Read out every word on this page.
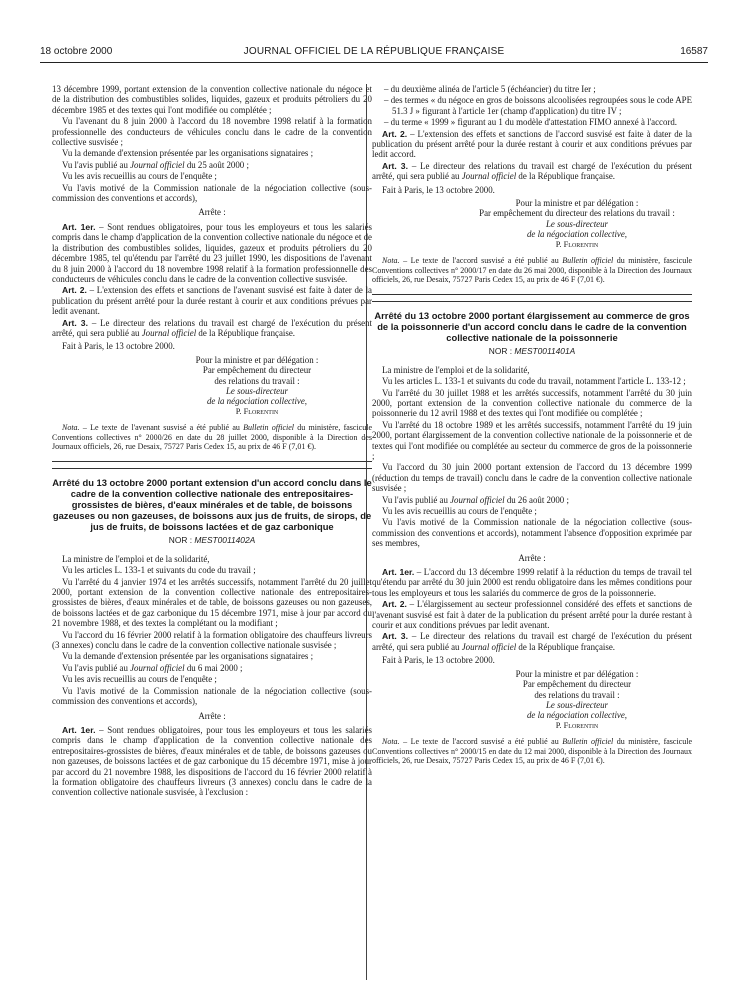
18 octobre 2000	JOURNAL OFFICIEL DE LA RÉPUBLIQUE FRANÇAISE	16587

13 décembre 1999, portant extension de la convention collective nationale du négoce et de la distribution des combustibles solides, liquides, gazeux et produits pétroliers du 20 décembre 1985 et des textes qui l'ont modifiée ou complétée ;

Vu l'avenant du 8 juin 2000 à l'accord du 18 novembre 1998 relatif à la formation professionnelle des conducteurs de véhicules conclu dans le cadre de la convention collective susvisée ;

Vu la demande d'extension présentée par les organisations signataires ;

Vu l'avis publié au Journal officiel du 25 août 2000 ;

Vu les avis recueillis au cours de l'enquête ;

Vu l'avis motivé de la Commission nationale de la négociation collective (sous-commission des conventions et accords),

Arrête :

Art. 1er. – Sont rendues obligatoires, pour tous les employeurs et tous les salariés compris dans le champ d'application de la convention collective nationale du négoce et de la distribution des combustibles solides, liquides, gazeux et produits pétroliers du 20 décembre 1985, tel qu'étendu par l'arrêté du 23 juillet 1990, les dispositions de l'avenant du 8 juin 2000 à l'accord du 18 novembre 1998 relatif à la formation professionnelle des conducteurs de véhicules conclu dans le cadre de la convention collective susvisée.

Art. 2. – L'extension des effets et sanctions de l'avenant susvisé est faite à dater de la publication du présent arrêté pour la durée restant à courir et aux conditions prévues par ledit avenant.

Art. 3. – Le directeur des relations du travail est chargé de l'exécution du présent arrêté, qui sera publié au Journal officiel de la République française.

Fait à Paris, le 13 octobre 2000.

Pour la ministre et par délégation :
Par empêchement du directeur
des relations du travail :
Le sous-directeur
de la négociation collective,
P. Florentin

Nota. – Le texte de l'avenant susvisé a été publié au Bulletin officiel du ministère, fascicule Conventions collectives n° 2000/26 en date du 28 juillet 2000, disponible à la Direction des Journaux officiels, 26, rue Desaix, 75727 Paris Cedex 15, au prix de 46 F (7,01 €).

Arrêté du 13 octobre 2000 portant extension d'un accord conclu dans le cadre de la convention collective nationale des entrepositaires-grossistes de bières, d'eaux minérales et de table, de boissons gazeuses ou non gazeuses, de boissons aux jus de fruits, de sirops, de jus de fruits, de boissons lactées et de gaz carbonique

NOR : MEST0011402A

La ministre de l'emploi et de la solidarité,

Vu les articles L. 133-1 et suivants du code du travail ;

Vu l'arrêté du 4 janvier 1974 et les arrêtés successifs, notamment l'arrêté du 20 juillet 2000, portant extension de la convention collective nationale des entrepositaires-grossistes de bières, d'eaux minérales et de table, de boissons gazeuses ou non gazeuses, de boissons lactées et de gaz carbonique du 15 décembre 1971, mise à jour par accord du 21 novembre 1988, et des textes la complétant ou la modifiant ;

Vu l'accord du 16 février 2000 relatif à la formation obligatoire des chauffeurs livreurs (3 annexes) conclu dans le cadre de la convention collective nationale susvisée ;

Vu la demande d'extension présentée par les organisations signataires ;

Vu l'avis publié au Journal officiel du 6 mai 2000 ;

Vu les avis recueillis au cours de l'enquête ;

Vu l'avis motivé de la Commission nationale de la négociation collective (sous-commission des conventions et accords),

Arrête :

Art. 1er. – Sont rendues obligatoires, pour tous les employeurs et tous les salariés compris dans le champ d'application de la convention collective nationale des entrepositaires-grossistes de bières, d'eaux minérales et de table, de boissons gazeuses ou non gazeuses, de boissons lactées et de gaz carbonique du 15 décembre 1971, mise à jour par accord du 21 novembre 1988, les dispositions de l'accord du 16 février 2000 relatif à la formation obligatoire des chauffeurs livreurs (3 annexes) conclu dans le cadre de la convention collective nationale susvisée, à l'exclusion :

– du deuxième alinéa de l'article 5 (échéancier) du titre Ier ;

– des termes « du négoce en gros de boissons alcoolisées regroupées sous le code APE 51.3 J » figurant à l'article 1er (champ d'application) du titre IV ;

– du terme « 1999 » figurant au 1 du modèle d'attestation FIMO annexé à l'accord.

Art. 2. – L'extension des effets et sanctions de l'accord susvisé est faite à dater de la publication du présent arrêté pour la durée restant à courir et aux conditions prévues par ledit accord.

Art. 3. – Le directeur des relations du travail est chargé de l'exécution du présent arrêté, qui sera publié au Journal officiel de la République française.

Fait à Paris, le 13 octobre 2000.

Pour la ministre et par délégation :
Par empêchement du directeur des relations du travail :
Le sous-directeur
de la négociation collective,
P. Florentin

Nota. – Le texte de l'accord susvisé a été publié au Bulletin officiel du ministère, fascicule Conventions collectives n° 2000/17 en date du 26 mai 2000, disponible à la Direction des Journaux officiels, 26, rue Desaix, 75727 Paris Cedex 15, au prix de 46 F (7,01 €).

Arrêté du 13 octobre 2000 portant élargissement au commerce de gros de la poissonnerie d'un accord conclu dans le cadre de la convention collective nationale de la poissonnerie

NOR : MEST0011401A

La ministre de l'emploi et de la solidarité,

Vu les articles L. 133-1 et suivants du code du travail, notamment l'article L. 133-12 ;

Vu l'arrêté du 30 juillet 1988 et les arrêtés successifs, notamment l'arrêté du 30 juin 2000, portant extension de la convention collective nationale du commerce de la poissonnerie du 12 avril 1988 et des textes qui l'ont modifiée ou complétée ;

Vu l'arrêté du 18 octobre 1989 et les arrêtés successifs, notamment l'arrêté du 19 juin 2000, portant élargissement de la convention collective nationale de la poissonnerie et de textes qui l'ont modifiée ou complétée au secteur du commerce de gros de la poissonnerie ;

Vu l'accord du 30 juin 2000 portant extension de l'accord du 13 décembre 1999 (réduction du temps de travail) conclu dans le cadre de la convention collective nationale susvisée ;

Vu l'avis publié au Journal officiel du 26 août 2000 ;

Vu les avis recueillis au cours de l'enquête ;

Vu l'avis motivé de la Commission nationale de la négociation collective (sous-commission des conventions et accords), notamment l'absence d'opposition exprimée par ses membres,

Arrête :

Art. 1er. – L'accord du 13 décembre 1999 relatif à la réduction du temps de travail tel qu'étendu par arrêté du 30 juin 2000 est rendu obligatoire dans les mêmes conditions pour tous les employeurs et tous les salariés du commerce de gros de la poissonnerie.

Art. 2. – L'élargissement au secteur professionnel considéré des effets et sanctions de l'avenant susvisé est fait à dater de la publication du présent arrêté pour la durée restant à courir et aux conditions prévues par ledit avenant.

Art. 3. – Le directeur des relations du travail est chargé de l'exécution du présent arrêté, qui sera publié au Journal officiel de la République française.

Fait à Paris, le 13 octobre 2000.

Pour la ministre et par délégation :
Par empêchement du directeur
des relations du travail :
Le sous-directeur
de la négociation collective,
P. Florentin

Nota. – Le texte de l'accord susvisé a été publié au Bulletin officiel du ministère, fascicule Conventions collectives n° 2000/15 en date du 12 mai 2000, disponible à la Direction des Journaux officiels, 26, rue Desaix, 75727 Paris Cedex 15, au prix de 46 F (7,01 €).
